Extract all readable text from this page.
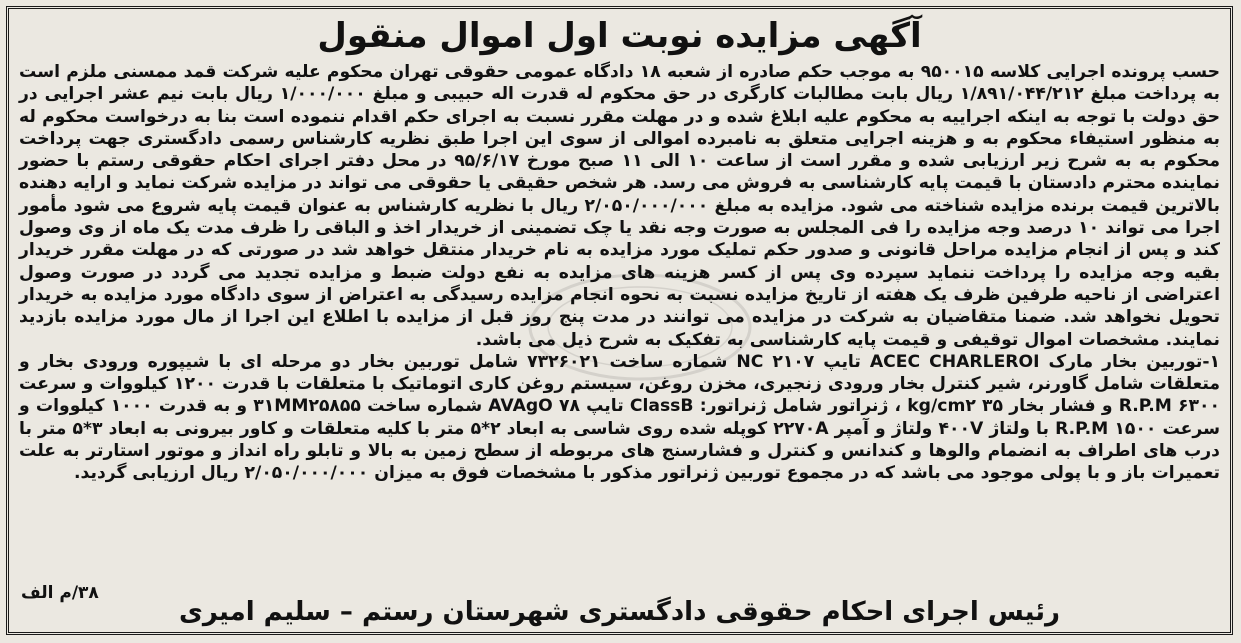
آگهی مزایده نوبت اول اموال منقول

حسب پرونده اجرایی کلاسه ۹۵۰۰۱۵ به موجب حکم صادره از شعبه ۱۸ دادگاه عمومی حقوقی تهران محکوم علیه شرکت قمد ممسنی ملزم است به پرداخت مبلغ ۱/۸۹۱/۰۴۴/۲۱۲ ریال بابت مطالبات کارگری در حق محکوم له قدرت اله حبیبی و مبلغ ۱/۰۰۰/۰۰۰ ریال بابت نیم عشر اجرایی در حق دولت با توجه به اینکه اجراییه به محکوم علیه ابلاغ شده و در مهلت مقرر نسبت به اجرای حکم اقدام ننموده است بنا به درخواست محکوم له به منظور استیفاء محکوم به و هزینه اجرایی متعلق به نامبرده اموالی از سوی این اجرا طبق نظریه کارشناس رسمی دادگستری جهت پرداخت محکوم به به شرح زیر ارزیابی شده و مقرر است از ساعت ۱۰ الی ۱۱ صبح مورخ ۹۵/۶/۱۷ در محل دفتر اجرای احکام حقوقی رستم با حضور نماینده محترم دادستان با قیمت پایه کارشناسی به فروش می رسد. هر شخص حقیقی یا حقوقی می تواند در مزایده شرکت نماید و ارایه دهنده بالاترین قیمت برنده مزایده شناخته می شود. مزایده به مبلغ ۲/۰۵۰/۰۰۰/۰۰۰ ریال با نظریه کارشناس به عنوان قیمت پایه شروع می شود مأمور اجرا می تواند ۱۰ درصد وجه مزایده را فی المجلس به صورت وجه نقد یا چک تضمینی از خریدار اخذ و الباقی را ظرف مدت یک ماه از وی وصول کند و پس از انجام مزایده مراحل قانونی و صدور حکم تملیک مورد مزایده به نام خریدار منتقل خواهد شد در صورتی که در مهلت مقرر خریدار بقیه وجه مزایده را پرداخت ننماید سپرده وی پس از کسر هزینه های مزایده به نفع دولت ضبط و مزایده تجدید می گردد در صورت وصول اعتراضی از ناحیه طرفین ظرف یک هفته از تاریخ مزایده نسبت به نحوه انجام مزایده رسیدگی به اعتراض از سوی دادگاه مورد مزایده به خریدار تحویل نخواهد شد. ضمنا متقاضیان به شرکت در مزایده می توانند در مدت پنج روز قبل از مزایده با اطلاع این اجرا از مال مورد مزایده بازدید نمایند. مشخصات اموال توقیفی و قیمت پایه کارشناسی به تفکیک به شرح ذیل می باشد.

۱-توربین بخار مارک ACEC CHARLEROI تایپ NC ۲۱۰۷ شماره ساخت ۷۳۲۶۰۲۱ شامل توربین بخار دو مرحله ای با شیپوره ورودی بخار و متعلقات شامل گاورنر، شیر کنترل بخار ورودی زنجیری، مخزن روغن، سیستم روغن کاری اتوماتیک با متعلقات با قدرت ۱۲۰۰ کیلووات و سرعت R.P.M ۶۳۰۰ و فشار بخار ۳۵ kg/cm۲ ، ژنراتور شامل ژنراتور: ClassB تایپ AVAgO ۷۸ شماره ساخت ۳۱MM۲۵۸۵۵ و به قدرت ۱۰۰۰ کیلووات و سرعت R.P.M ۱۵۰۰ با ولتاژ ۴۰۰V ولتاژ و آمپر ۲۲۷۰A کوپله شده روی شاسی به ابعاد ۲*۵ متر با کلیه متعلقات و کاور بیرونی به ابعاد ۳*۵ متر با درب های اطراف به انضمام والوها و کندانس و کنترل و فشارسنج های مربوطه از سطح زمین به بالا و تابلو راه انداز و موتور استارتر به علت تعمیرات باز و با پولی موجود می باشد که در مجموع توربین ژنراتور مذکور با مشخصات فوق به میزان ۲/۰۵۰/۰۰۰/۰۰۰ ریال ارزیابی گردید.

۳۸/م الف
رئیس اجرای احکام حقوقی دادگستری شهرستان رستم – سلیم امیری
